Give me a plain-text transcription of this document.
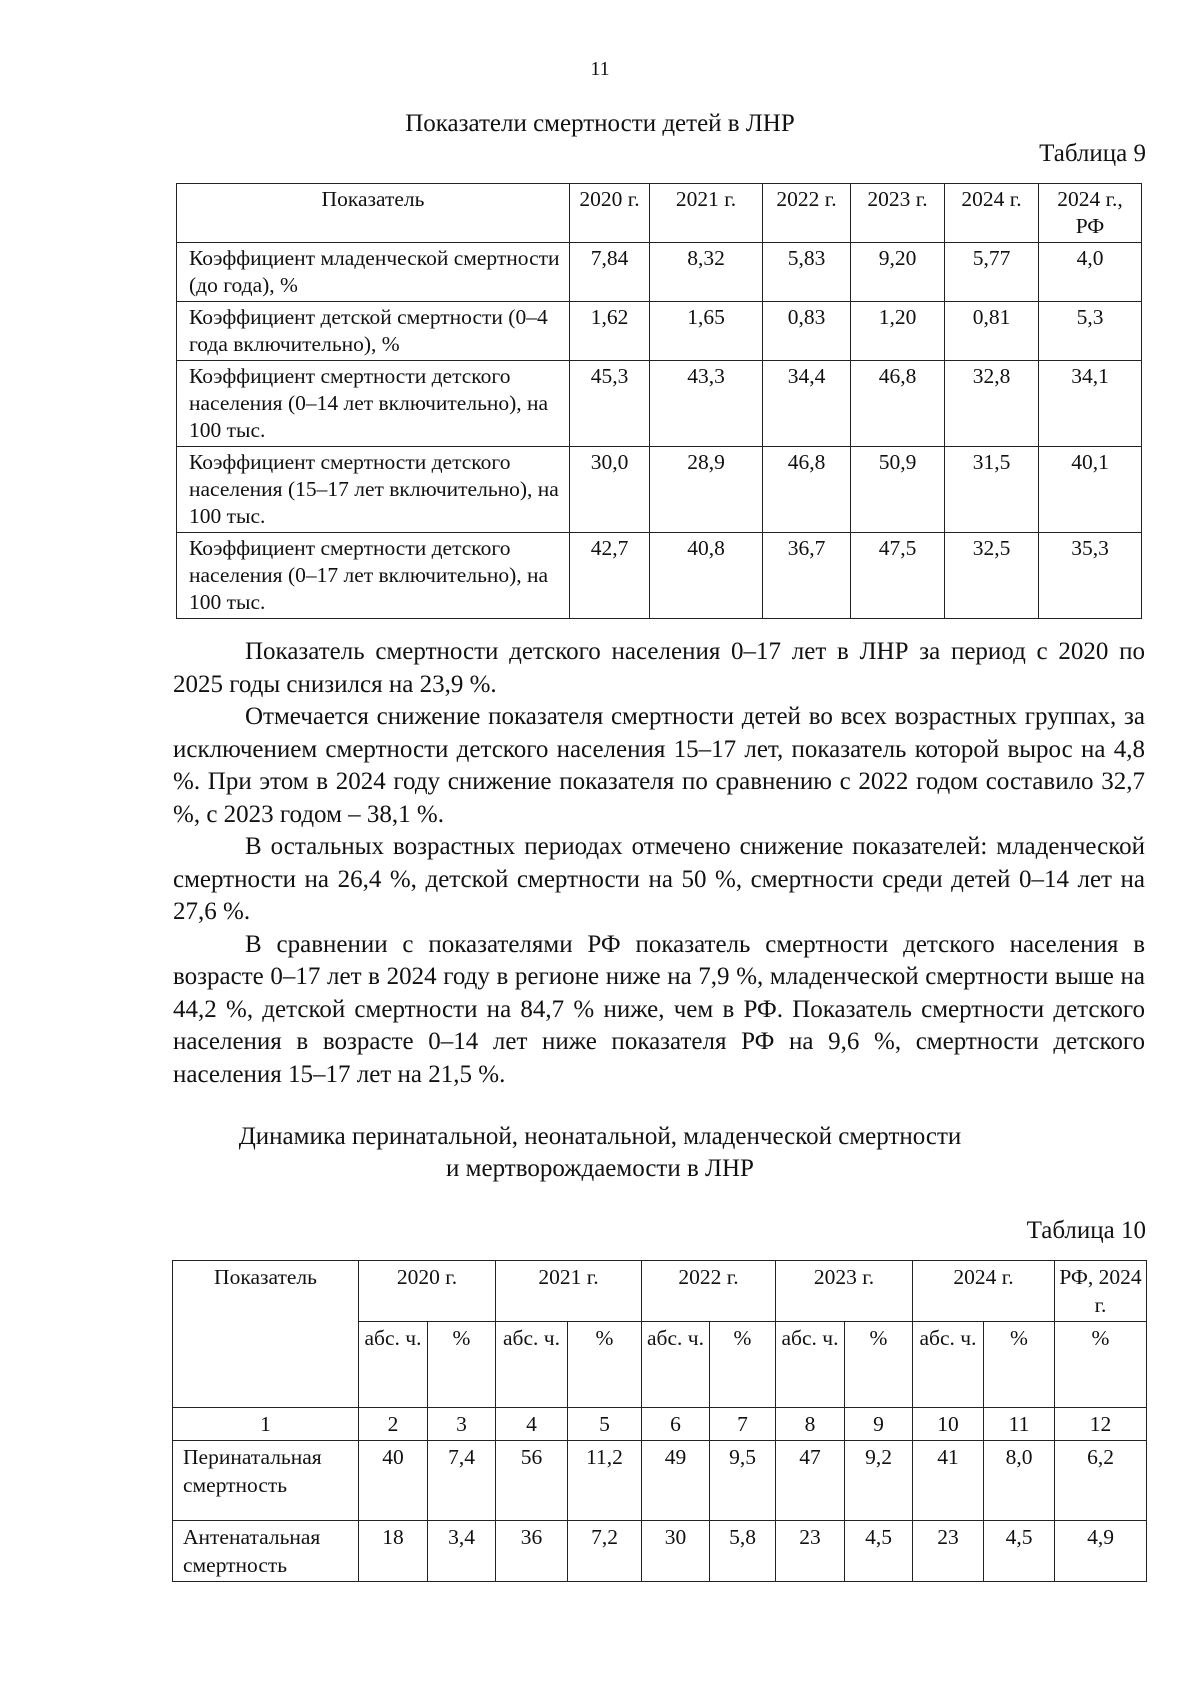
11
Показатели смертности детей в ЛНР
Таблица 9
Показатель	2020 г.	2021 г.	2022 г.	2023 г.	2024 г.	2024 г., РФ
Коэффициент младенческой смертности (до года), %	7,84	8,32	5,83	9,20	5,77	4,0
Коэффициент детской смертности (0–4 года включительно), %	1,62	1,65	0,83	1,20	0,81	5,3
Коэффициент смертности детского населения (0–14 лет включительно), на 100 тыс.	45,3	43,3	34,4	46,8	32,8	34,1
Коэффициент смертности детского населения (15–17 лет включительно), на 100 тыс.	30,0	28,9	46,8	50,9	31,5	40,1
Коэффициент смертности детского населения (0–17 лет включительно), на 100 тыс.	42,7	40,8	36,7	47,5	32,5	35,3

Показатель смертности детского населения 0–17 лет в ЛНР за период с 2020 по 2025 годы снизился на 23,9 %.

Отмечается снижение показателя смертности детей во всех возрастных группах, за исключением смертности детского населения 15–17 лет, показатель которой вырос на 4,8 %. При этом в 2024 году снижение показателя по сравнению с 2022 годом составило 32,7 %, с 2023 годом – 38,1 %.

В остальных возрастных периодах отмечено снижение показателей: младенческой смертности на 26,4 %, детской смертности на 50 %, смертности среди детей 0–14 лет на 27,6 %.

В сравнении с показателями РФ показатель смертности детского населения в возрасте 0–17 лет в 2024 году в регионе ниже на 7,9 %, младенческой смертности выше на 44,2 %, детской смертности на 84,7 % ниже, чем в РФ. Показатель смертности детского населения в возрасте 0–14 лет ниже показателя РФ на 9,6 %, смертности детского населения 15–17 лет на 21,5 %.

Динамика перинатальной, неонатальной, младенческой смертности
и мертворождаемости в ЛНР
Таблица 10
Показатель	2020 г.		2021 г.		2022 г.		2023 г.		2024 г.		РФ, 2024 г.
	абс. ч.	%	абс. ч.	%	абс. ч.	%	абс. ч.	%	абс. ч.	%	%
1	2	3	4	5	6	7	8	9	10	11	12
Перинатальная смертность	40	7,4	56	11,2	49	9,5	47	9,2	41	8,0	6,2
Антенатальная смертность	18	3,4	36	7,2	30	5,8	23	4,5	23	4,5	4,9
